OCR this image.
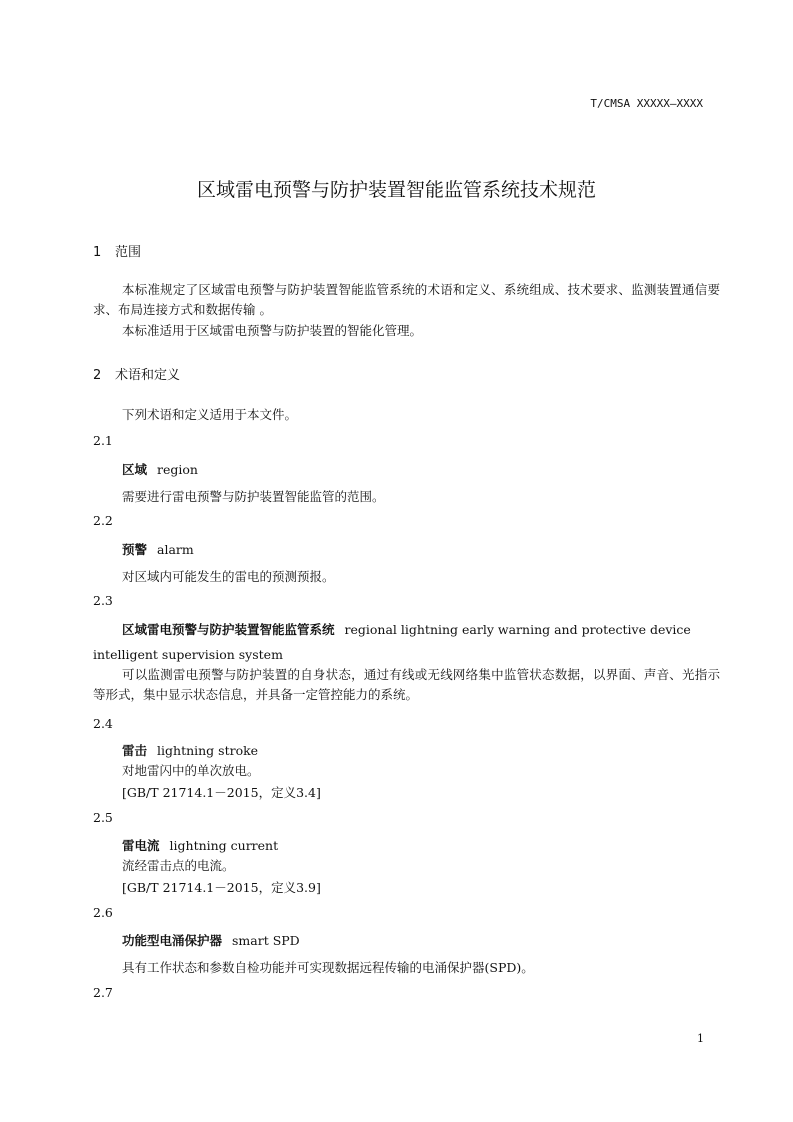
T/CMSA XXXXX—XXXX
区域雷电预警与防护装置智能监管系统技术规范
1 范围
本标准规定了区域雷电预警与防护装置智能监管系统的术语和定义、系统组成、技术要求、监测装置通信要求、布局连接方式和数据传输 。
本标准适用于区域雷电预警与防护装置的智能化管理。
2 术语和定义
下列术语和定义适用于本文件。
2.1
区域 region
需要进行雷电预警与防护装置智能监管的范围。
2.2
预警 alarm
对区域内可能发生的雷电的预测预报。
2.3
区域雷电预警与防护装置智能监管系统 regional lightning early warning and protective device
intelligent supervision system
可以监测雷电预警与防护装置的自身状态，通过有线或无线网络集中监管状态数据，以界面、声音、光指示等形式，集中显示状态信息，并具备一定管控能力的系统。
2.4
雷击 lightning stroke
对地雷闪中的单次放电。
[GB/T 21714.1－2015，定义3.4]
2.5
雷电流 lightning current
流经雷击点的电流。
[GB/T 21714.1－2015，定义3.9]
2.6
功能型电涌保护器 smart SPD
具有工作状态和参数自检功能并可实现数据远程传输的电涌保护器(SPD)。
2.7
1
